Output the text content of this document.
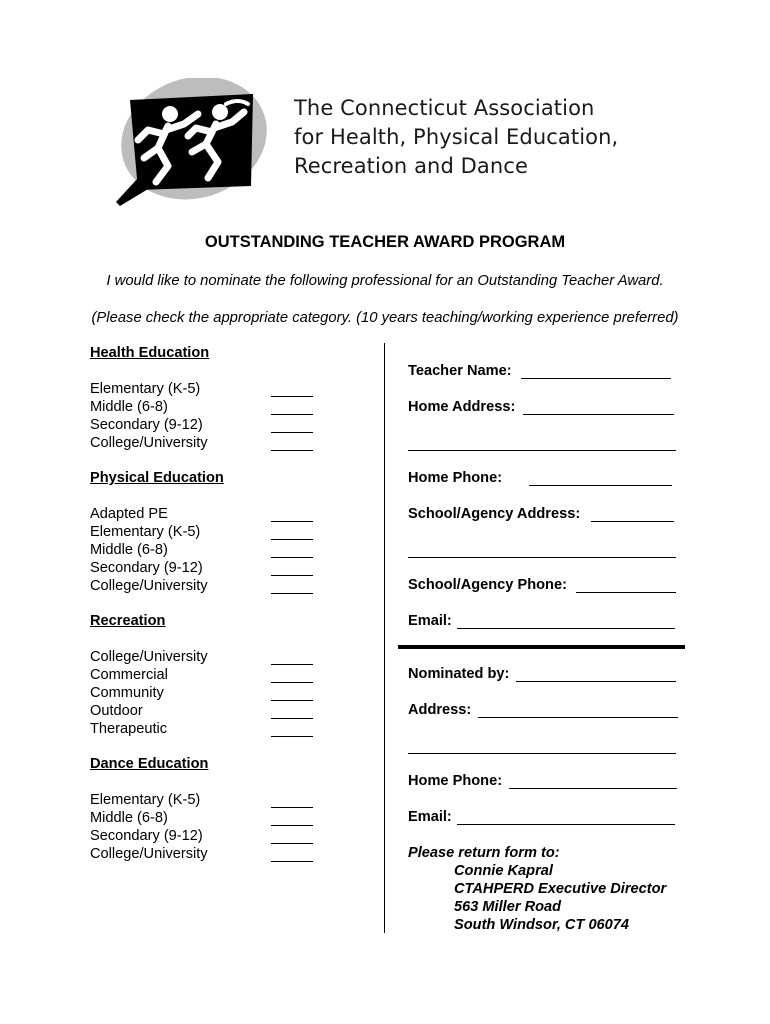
The Connecticut Association
for Health, Physical Education,
Recreation and Dance
OUTSTANDING TEACHER AWARD PROGRAM
I would like to nominate the following professional for an Outstanding Teacher Award.
(Please check the appropriate category. (10 years teaching/working experience preferred)
Health Education
Elementary (K-5)
Middle (6-8)
Secondary (9-12)
College/University
Physical Education
Adapted PE
Elementary (K-5)
Middle (6-8)
Secondary (9-12)
College/University
Recreation
College/University
Commercial
Community
Outdoor
Therapeutic
Dance Education
Elementary (K-5)
Middle (6-8)
Secondary (9-12)
College/University
Teacher Name:
Home Address:
Home Phone:
School/Agency Address:
School/Agency Phone:
Email:
Nominated by:
Address:
Home Phone:
Email:
Please return form to:
Connie Kapral
CTAHPERD Executive Director
563 Miller Road
South Windsor, CT 06074
